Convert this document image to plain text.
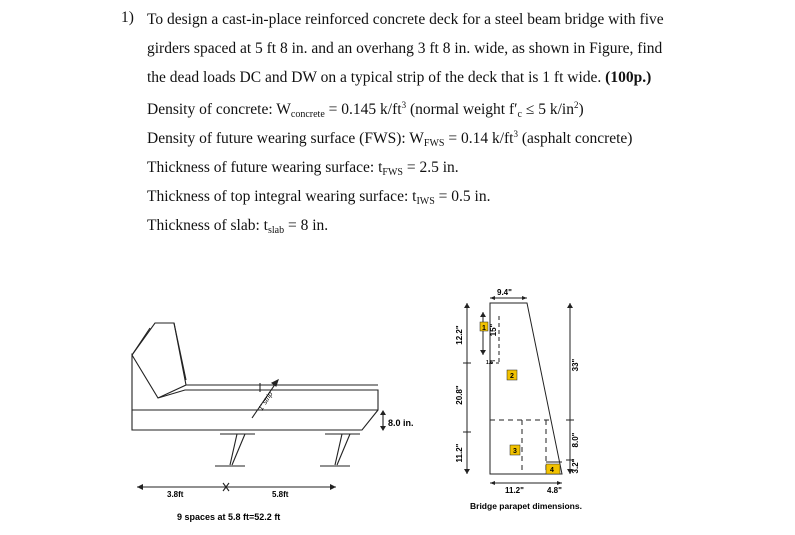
1) To design a cast-in-place reinforced concrete deck for a steel beam bridge with five
girders spaced at 5 ft 8 in. and an overhang 3 ft 8 in. wide, as shown in Figure, find
the dead loads DC and DW on a typical strip of the deck that is 1 ft wide. (100p.)
Density of concrete: Wconcrete = 0.145 $k/ft^3$ (normal weight f′c ≤ 5 $k/in^2$)
Density of future wearing surface (FWS): WFWS = 0.14 $k/ft^3$ (asphalt concrete)
Thickness of future wearing surface: tFWS = 2.5 in.
Thickness of top integral wearing surface: tIWS = 0.5 in.
Thickness of slab: tslab = 8 in.
1' strip
8.0 in.
3.8ft	5.8ft
9 spaces at 5.8 ft=52.2 ft
1
2
3
4
9.4"
12.2"
20.8"
11.2"
15"
1.8"	33"
8.0"
3.2"
11.2"	4.8"
Bridge parapet dimensions.
